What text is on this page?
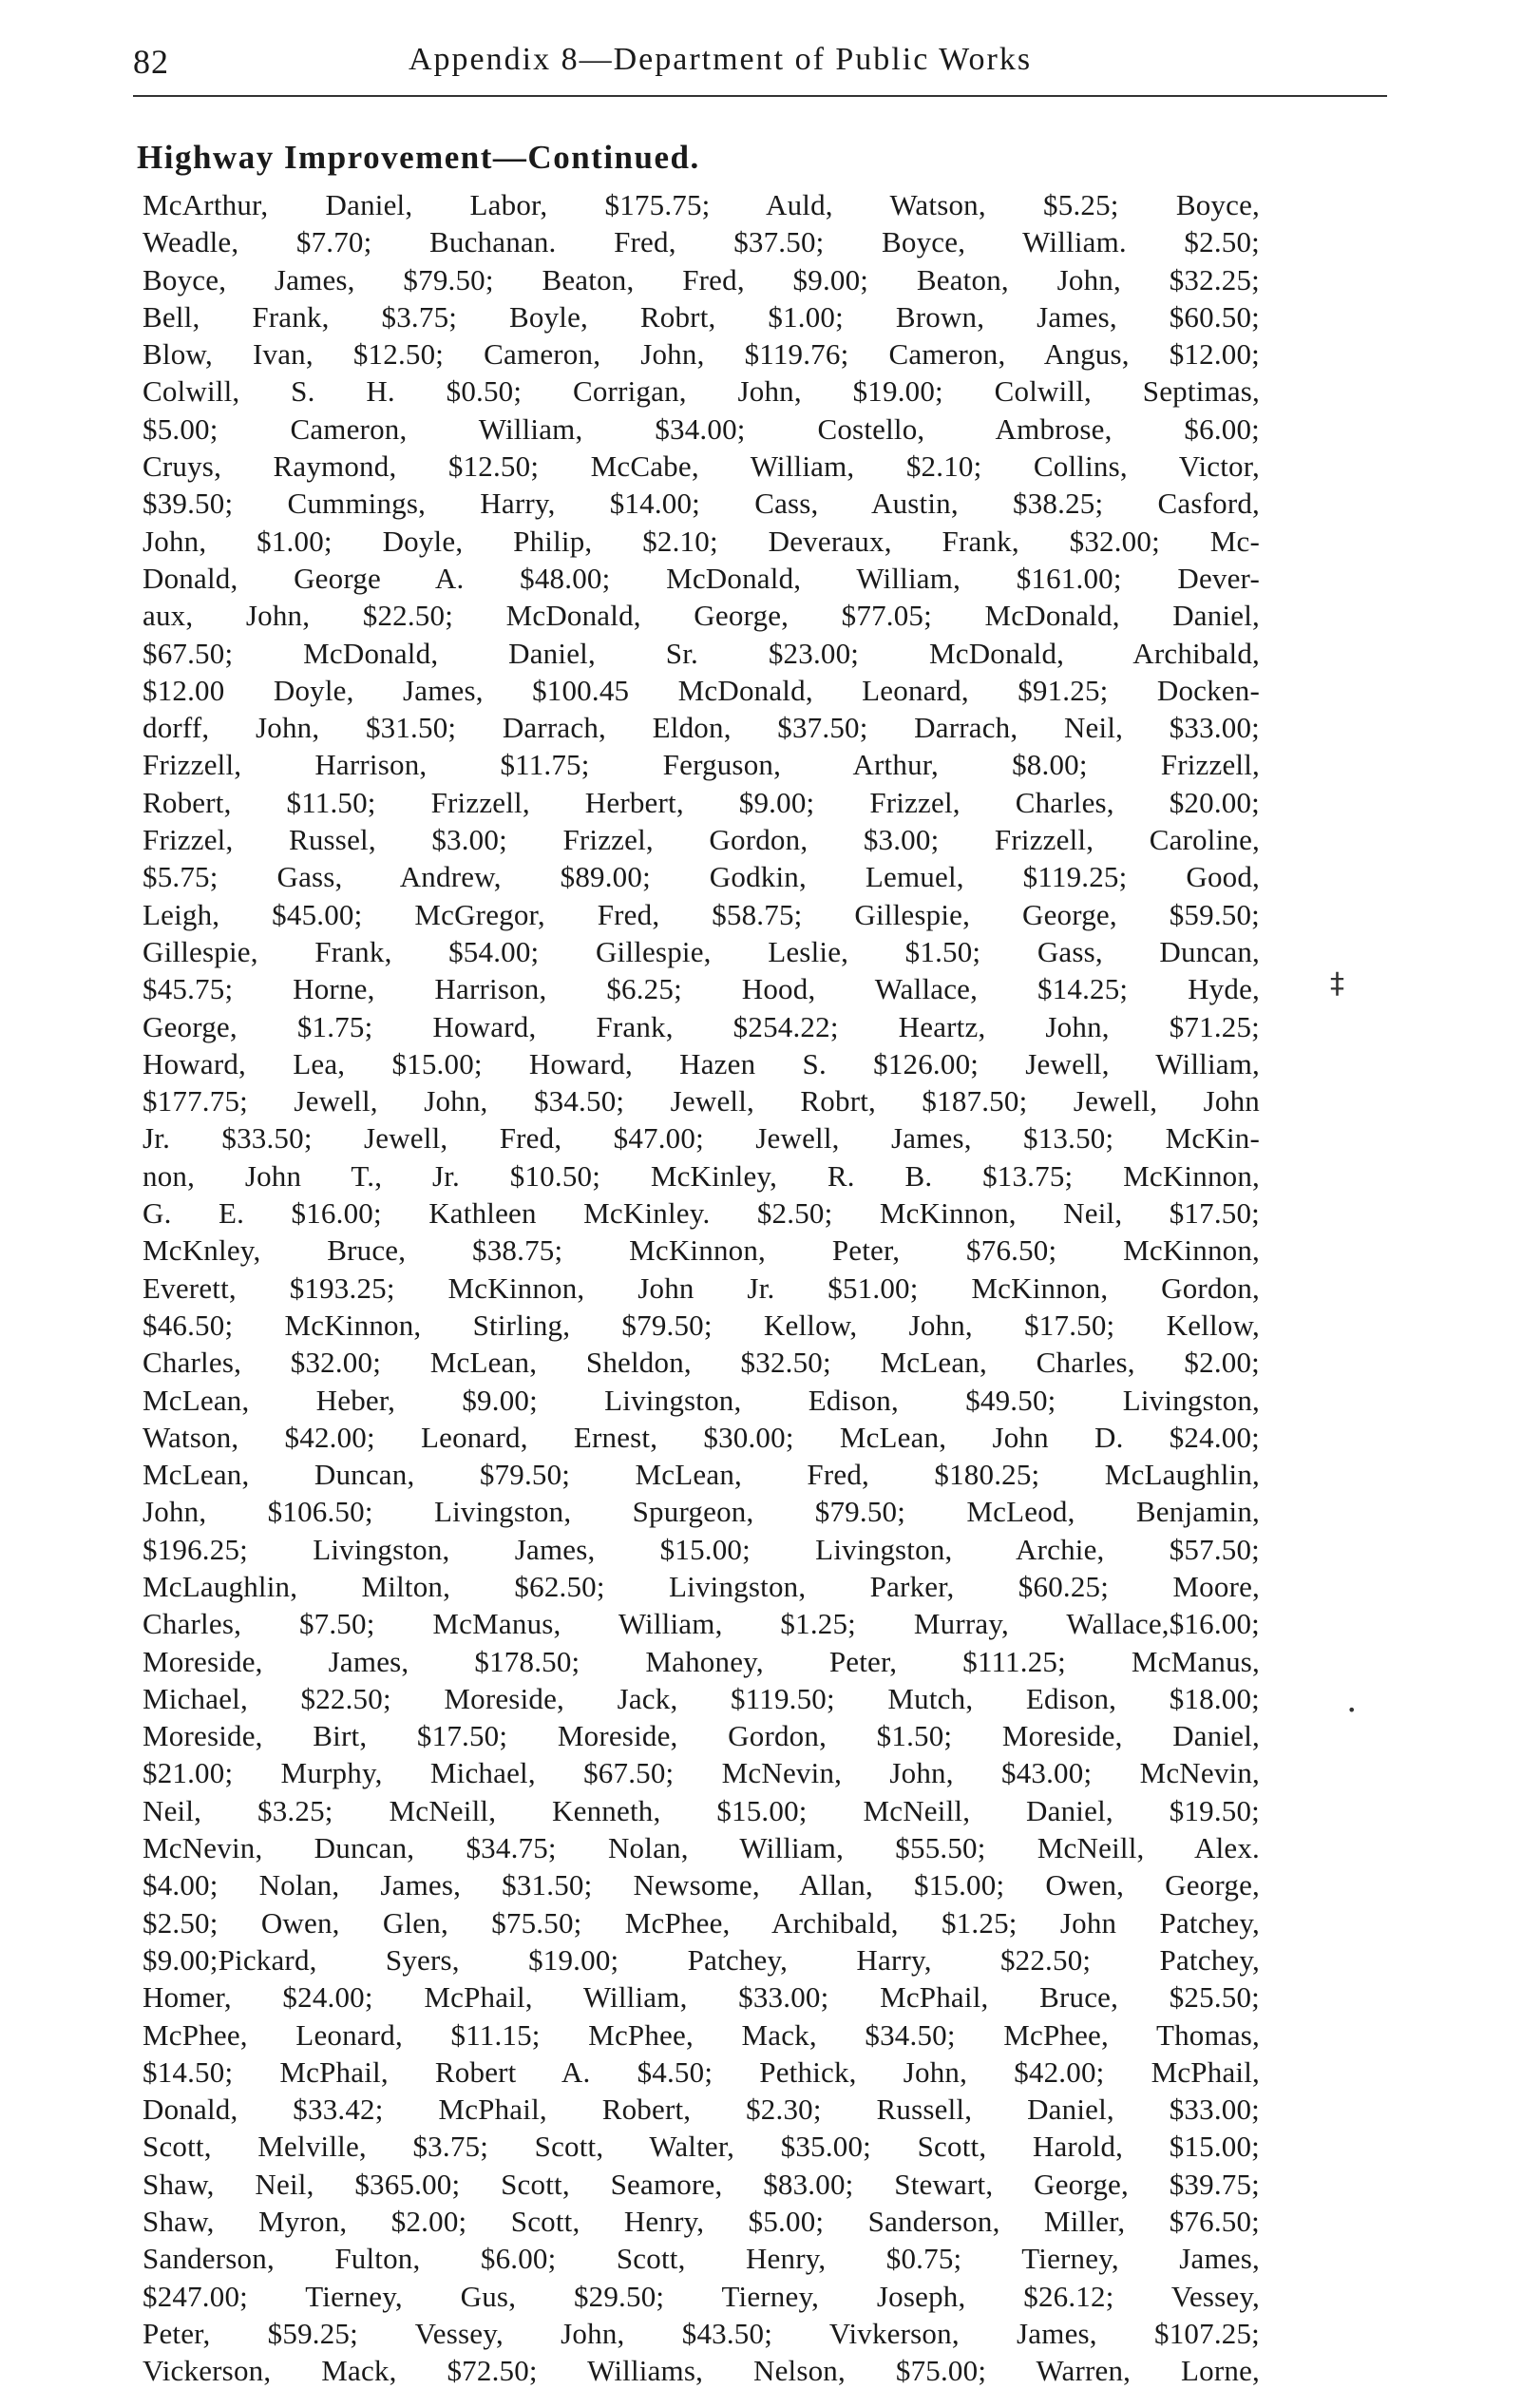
82	Appendix 8—Department of Public Works
Highway Improvement—Continued.
McArthur, Daniel, Labor, $175.75; Auld, Watson, $5.25; Boyce,
Weadle, $7.70; Buchanan. Fred, $37.50; Boyce, William. $2.50;
Boyce, James, $79.50; Beaton, Fred, $9.00; Beaton, John, $32.25;
Bell, Frank, $3.75; Boyle, Robrt, $1.00; Brown, James, $60.50;
Blow, Ivan, $12.50; Cameron, John, $119.76; Cameron, Angus, $12.00;
Colwill, S. H. $0.50; Corrigan, John, $19.00; Colwill, Septimas,
$5.00; Cameron, William, $34.00; Costello, Ambrose, $6.00;
Cruys, Raymond, $12.50; McCabe, William, $2.10; Collins, Victor,
$39.50; Cummings, Harry, $14.00; Cass, Austin, $38.25; Casford,
John, $1.00; Doyle, Philip, $2.10; Deveraux, Frank, $32.00; Mc-
Donald, George A. $48.00; McDonald, William, $161.00; Dever-
aux, John, $22.50; McDonald, George, $77.05; McDonald, Daniel,
$67.50; McDonald, Daniel, Sr. $23.00; McDonald, Archibald,
$12.00 Doyle, James, $100.45 McDonald, Leonard, $91.25; Docken-
dorff, John, $31.50; Darrach, Eldon, $37.50; Darrach, Neil, $33.00;
Frizzell, Harrison, $11.75; Ferguson, Arthur, $8.00; Frizzell,
Robert, $11.50; Frizzell, Herbert, $9.00; Frizzel, Charles, $20.00;
Frizzel, Russel, $3.00; Frizzel, Gordon, $3.00; Frizzell, Caroline,
$5.75; Gass, Andrew, $89.00; Godkin, Lemuel, $119.25; Good,
Leigh, $45.00; McGregor, Fred, $58.75; Gillespie, George, $59.50;
Gillespie, Frank, $54.00; Gillespie, Leslie, $1.50; Gass, Duncan,
$45.75; Horne, Harrison, $6.25; Hood, Wallace, $14.25; Hyde,
George, $1.75; Howard, Frank, $254.22; Heartz, John, $71.25;
Howard, Lea, $15.00; Howard, Hazen S. $126.00; Jewell, William,
$177.75; Jewell, John, $34.50; Jewell, Robrt, $187.50; Jewell, John
Jr. $33.50; Jewell, Fred, $47.00; Jewell, James, $13.50; McKin-
non, John T., Jr. $10.50; McKinley, R. B. $13.75; McKinnon,
G. E. $16.00; Kathleen McKinley. $2.50; McKinnon, Neil, $17.50;
McKnley, Bruce, $38.75; McKinnon, Peter, $76.50; McKinnon,
Everett, $193.25; McKinnon, John Jr. $51.00; McKinnon, Gordon,
$46.50; McKinnon, Stirling, $79.50; Kellow, John, $17.50; Kellow,
Charles, $32.00; McLean, Sheldon, $32.50; McLean, Charles, $2.00;
McLean, Heber, $9.00; Livingston, Edison, $49.50; Livingston,
Watson, $42.00; Leonard, Ernest, $30.00; McLean, John D. $24.00;
McLean, Duncan, $79.50; McLean, Fred, $180.25; McLaughlin,
John, $106.50; Livingston, Spurgeon, $79.50; McLeod, Benjamin,
$196.25; Livingston, James, $15.00; Livingston, Archie, $57.50;
McLaughlin, Milton, $62.50; Livingston, Parker, $60.25; Moore,
Charles, $7.50; McManus, William, $1.25; Murray, Wallace,$16.00;
Moreside, James, $178.50; Mahoney, Peter, $111.25; McManus,
Michael, $22.50; Moreside, Jack, $119.50; Mutch, Edison, $18.00;
Moreside, Birt, $17.50; Moreside, Gordon, $1.50; Moreside, Daniel,
$21.00; Murphy, Michael, $67.50; McNevin, John, $43.00; McNevin,
Neil, $3.25; McNeill, Kenneth, $15.00; McNeill, Daniel, $19.50;
McNevin, Duncan, $34.75; Nolan, William, $55.50; McNeill, Alex.
$4.00; Nolan, James, $31.50; Newsome, Allan, $15.00; Owen, George,
$2.50; Owen, Glen, $75.50; McPhee, Archibald, $1.25; John Patchey,
$9.00;Pickard, Syers, $19.00; Patchey, Harry, $22.50; Patchey,
Homer, $24.00; McPhail, William, $33.00; McPhail, Bruce, $25.50;
McPhee, Leonard, $11.15; McPhee, Mack, $34.50; McPhee, Thomas,
$14.50; McPhail, Robert A. $4.50; Pethick, John, $42.00; McPhail,
Donald, $33.42; McPhail, Robert, $2.30; Russell, Daniel, $33.00;
Scott, Melville, $3.75; Scott, Walter, $35.00; Scott, Harold, $15.00;
Shaw, Neil, $365.00; Scott, Seamore, $83.00; Stewart, George, $39.75;
Shaw, Myron, $2.00; Scott, Henry, $5.00; Sanderson, Miller, $76.50;
Sanderson, Fulton, $6.00; Scott, Henry, $0.75; Tierney, James,
$247.00; Tierney, Gus, $29.50; Tierney, Joseph, $26.12; Vessey,
Peter, $59.25; Vessey, John, $43.50; Vivkerson, James, $107.25;
Vickerson, Mack, $72.50; Williams, Nelson, $75.00; Warren, Lorne,
‡
•
